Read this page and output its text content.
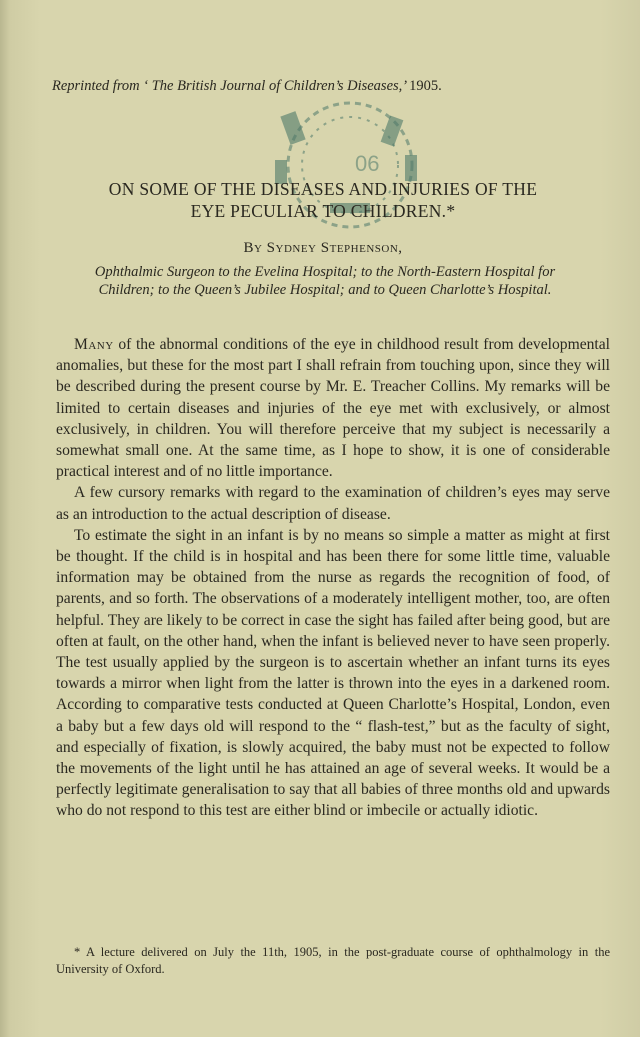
06
Reprinted from ‘ The British Journal of Children’s Diseases,’ 1905.
ON SOME OF THE DISEASES AND INJURIES OF THE
EYE PECULIAR TO CHILDREN.*
By Sydney Stephenson,
Ophthalmic Surgeon to the Evelina Hospital; to the North-Eastern Hospital for Children; to the Queen’s Jubilee Hospital; and to Queen Charlotte’s Hospital.

Many of the abnormal conditions of the eye in childhood result from developmental anomalies, but these for the most part I shall refrain from touching upon, since they will be described during the present course by Mr. E. Treacher Collins. My remarks will be limited to certain diseases and injuries of the eye met with exclusively, or almost exclusively, in children. You will therefore perceive that my subject is necessarily a somewhat small one. At the same time, as I hope to show, it is one of considerable practical interest and of no little importance.

A few cursory remarks with regard to the examination of children’s eyes may serve as an introduction to the actual description of disease.

To estimate the sight in an infant is by no means so simple a matter as might at first be thought. If the child is in hospital and has been there for some little time, valuable information may be obtained from the nurse as regards the recognition of food, of parents, and so forth. The observations of a moderately intelligent mother, too, are often helpful. They are likely to be correct in case the sight has failed after being good, but are often at fault, on the other hand, when the infant is believed never to have seen properly. The test usually applied by the surgeon is to ascertain whether an infant turns its eyes towards a mirror when light from the latter is thrown into the eyes in a darkened room. According to comparative tests conducted at Queen Charlotte’s Hospital, London, even a baby but a few days old will respond to the “ flash-test,” but as the faculty of sight, and especially of fixation, is slowly acquired, the baby must not be expected to follow the movements of the light until he has attained an age of several weeks. It would be a perfectly legitimate generalisation to say that all babies of three months old and upwards who do not respond to this test are either blind or imbecile or actually idiotic.

* A lecture delivered on July the 11th, 1905, in the post-graduate course of ophthalmology in the University of Oxford.
